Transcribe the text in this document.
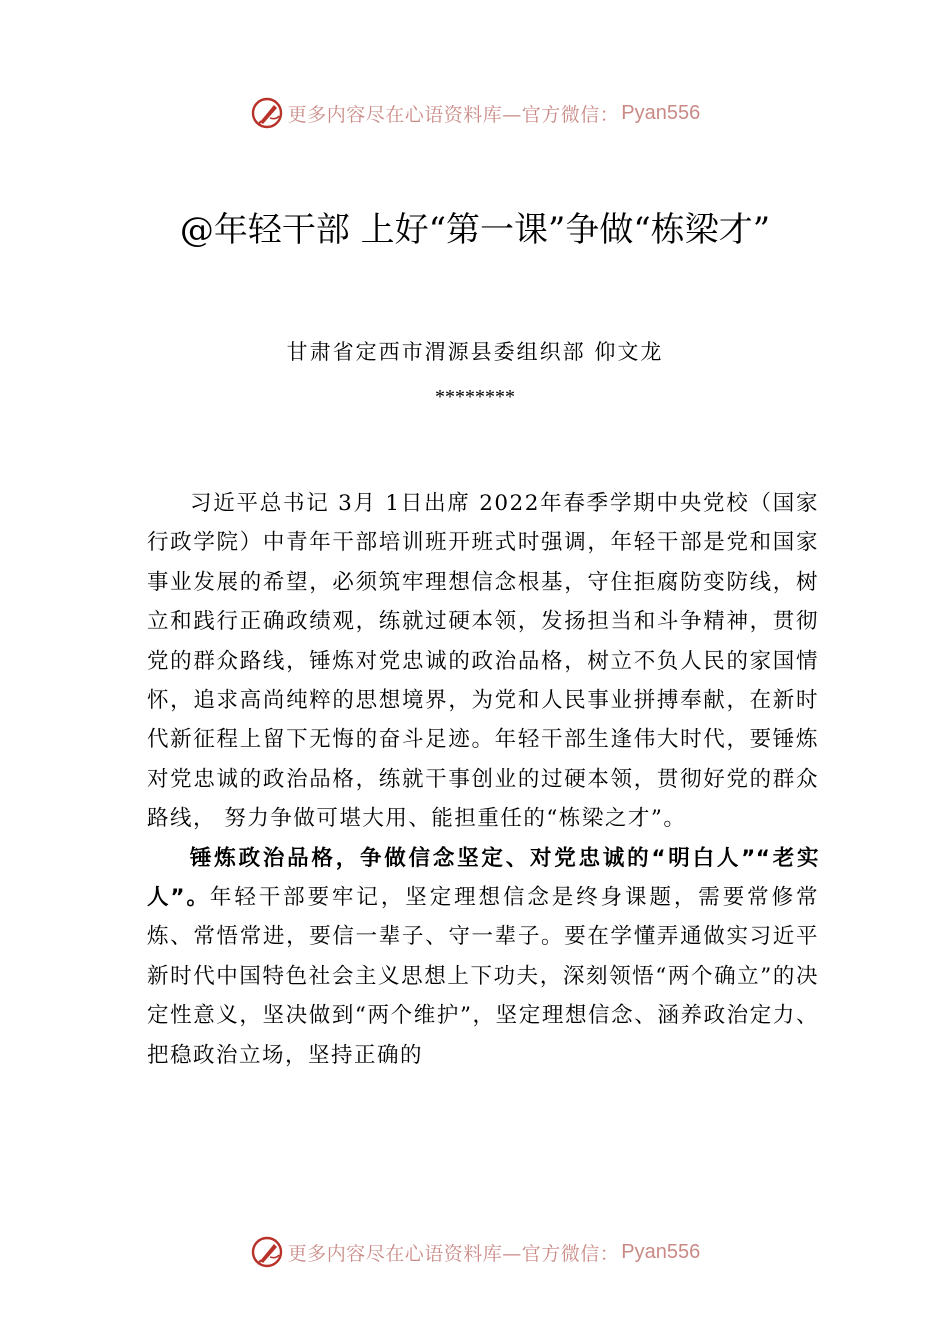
更多内容尽在心语资料库—官方微信： Pyan556
@年轻干部 上好“第一课”争做“栋梁才”
甘肃省定西市渭源县委组织部 仰文龙
********

习近平总书记 3月 1日出席 2022年春季学期中央党校（国家行政学院）中青年干部培训班开班式时强调，年轻干部是党和国家事业发展的希望，必须筑牢理想信念根基，守住拒腐防变防线，树立和践行正确政绩观，练就过硬本领，发扬担当和斗争精神，贯彻党的群众路线，锤炼对党忠诚的政治品格，树立不负人民的家国情怀，追求高尚纯粹的思想境界，为党和人民事业拼搏奉献，在新时代新征程上留下无悔的奋斗足迹。年轻干部生逢伟大时代，要锤炼对党忠诚的政治品格，练就干事创业的过硬本领，贯彻好党的群众路线， 努力争做可堪大用、能担重任的“栋梁之才”。

锤炼政治品格，争做信念坚定、对党忠诚的“明白人”“老实人”。年轻干部要牢记，坚定理想信念是终身课题，需要常修常炼、常悟常进，要信一辈子、守一辈子。要在学懂弄通做实习近平新时代中国特色社会主义思想上下功夫，深刻领悟“两个确立”的决定性意义，坚决做到“两个维护”，坚定理想信念、涵养政治定力、把稳政治立场，坚持正确的

更多内容尽在心语资料库—官方微信： Pyan556
